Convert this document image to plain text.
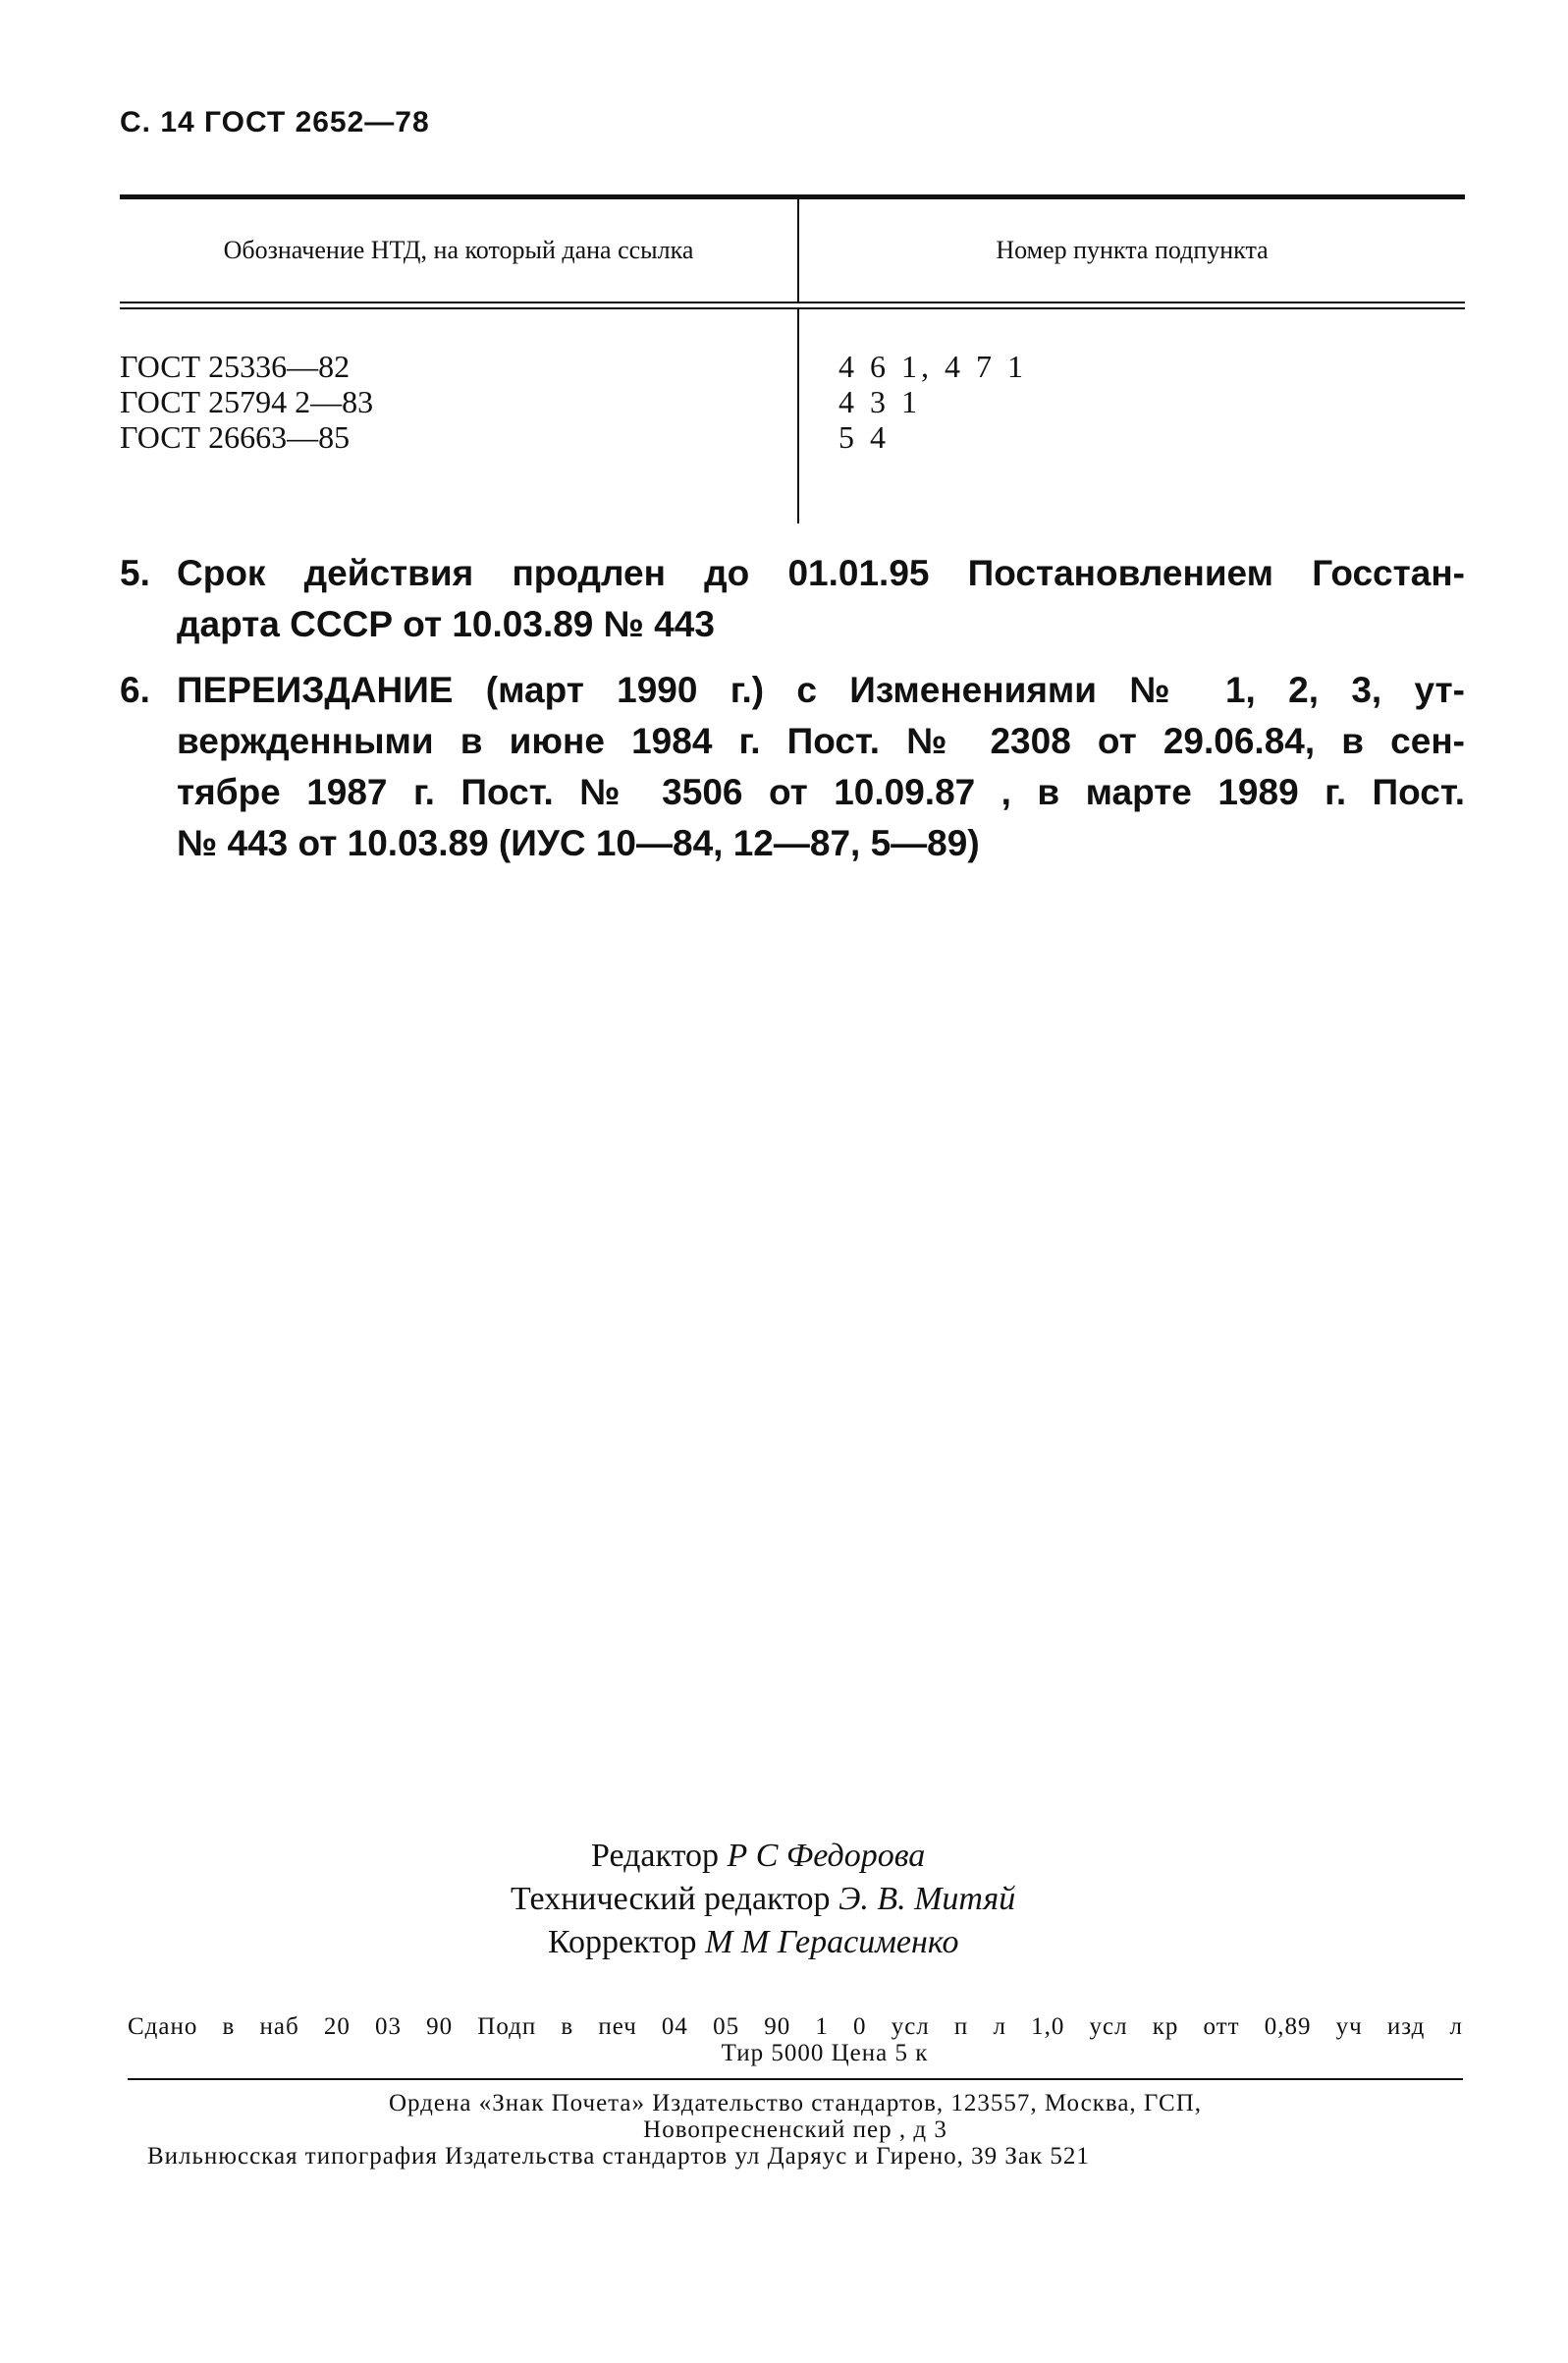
С. 14 ГОСТ 2652—78
Обозначение НТД, на который дана ссылка	Номер пункта подпункта
ГОСТ 25336—82
ГОСТ 25794 2—83
ГОСТ 26663—85
4 6 1, 4 7 1
4 3 1
5 4
5. Срок действия продлен до 01.01.95 Постановлением Госстан-
дарта СССР от 10.03.89 № 443
6. ПЕРЕИЗДАНИЕ (март 1990 г.) с Изменениями № 1, 2, 3, ут-
вержденными в июне 1984 г. Пост. № 2308 от 29.06.84, в сен-
тябре 1987 г. Пост. № 3506 от 10.09.87 , в марте 1989 г. Пост.
№ 443 от 10.03.89 (ИУС 10—84, 12—87, 5—89)
Редактор Р С Федорова
Технический редактор Э. В. Митяй
Корректор М М Герасименко
Сдано в наб 20 03 90 Подп в печ 04 05 90 1 0 усл п л 1,0 усл кр отт 0,89 уч изд л
Тир 5000 Цена 5 к
Ордена «Знак Почета» Издательство стандартов, 123557, Москва, ГСП,
Новопресненский пер , д 3
Вильнюсская типография Издательства стандартов ул Даряус и Гирено, 39 Зак 521
